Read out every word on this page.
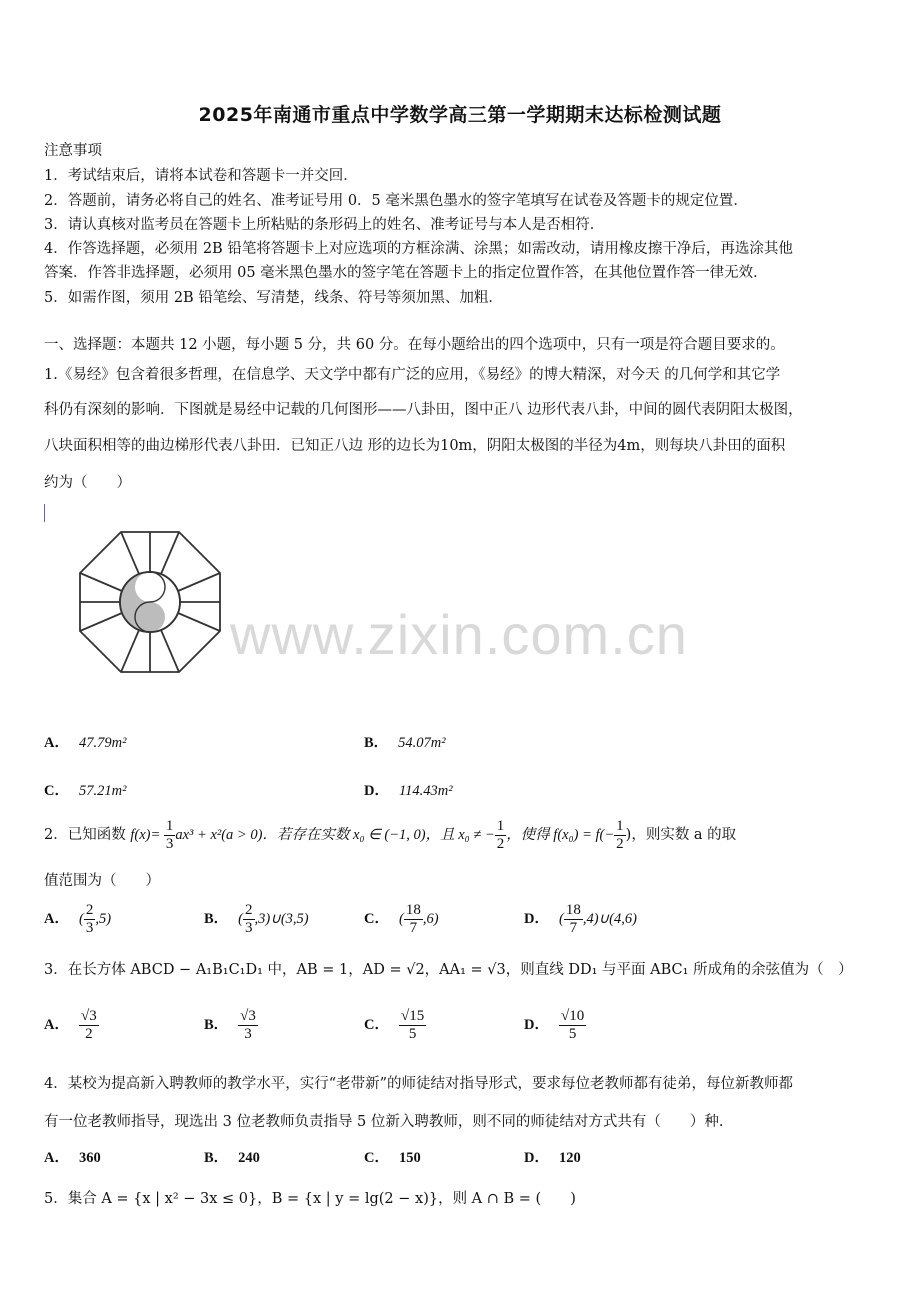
2025年南通市重点中学数学高三第一学期期末达标检测试题
注意事项
1．考试结束后，请将本试卷和答题卡一并交回．
2．答题前，请务必将自己的姓名、准考证号用 0．5 毫米黑色墨水的签字笔填写在试卷及答题卡的规定位置．
3．请认真核对监考员在答题卡上所粘贴的条形码上的姓名、准考证号与本人是否相符．
4．作答选择题，必须用 2B 铅笔将答题卡上对应选项的方框涂满、涂黑；如需改动，请用橡皮擦干净后，再选涂其他
答案．作答非选择题，必须用 05 毫米黑色墨水的签字笔在答题卡上的指定位置作答，在其他位置作答一律无效．
5．如需作图，须用 2B 铅笔绘、写清楚，线条、符号等须加黑、加粗．
一、选择题：本题共 12 小题，每小题 5 分，共 60 分。在每小题给出的四个选项中，只有一项是符合题目要求的。
1.《易经》包含着很多哲理，在信息学、天文学中都有广泛的应用，《易经》的博大精深，对今天 的几何学和其它学
科仍有深刻的影响．下图就是易经中记载的几何图形——八卦田，图中正八 边形代表八卦，中间的圆代表阴阳太极图，
八块面积相等的曲边梯形代表八卦田．已知正八边 形的边长为10m，阴阳太极图的半径为4m，则每块八卦田的面积
约为（　　）
www.zixin.com.cn
A． 47.79m²	B． 54.07m²
C． 57.21m²	D． 114.43m²
2．已知函数 $f(x)= \frac{1}{3} ax^3 + x^2(a > 0)$．若存在实数 x₀ ∈ (−1, 0)，且 x₀ ≠ − $\frac{1}{2}$ ，使得 $f(x_0) = f(- \frac{1}{2}$ )，则实数 a 的取
值范围为（　　）
A． ( $\frac{2}{3} ,5$)	B． ( $\frac{2}{3}$ ,3)∪(3,5)	C． ( $\frac{18}{7} ,6$)	D． ( $\frac{18}{7}$ ,4)∪(4,6)
3．在长方体 ABCD − A₁B₁C₁D₁ 中，AB = 1，AD = √2，AA₁ = √3，则直线 DD₁ 与平面 ABC₁ 所成角的余弦值为（　）
A． $\frac{√3}{2}$	B． $\frac{√3}{3}$	C． $\frac{√15}{5}$	D． $\frac{√10}{5}$
4．某校为提高新入聘教师的教学水平，实行“老带新”的师徒结对指导形式，要求每位老教师都有徒弟，每位新教师都
有一位老教师指导，现选出 3 位老教师负责指导 5 位新入聘教师，则不同的师徒结对方式共有（　　）种.
A． 360	B． 240	C． 150	D． 120
5．集合 A = {x | x² − 3x ≤ 0}，B = {x | y = lg(2 − x)}，则 A ∩ B = (　　)
